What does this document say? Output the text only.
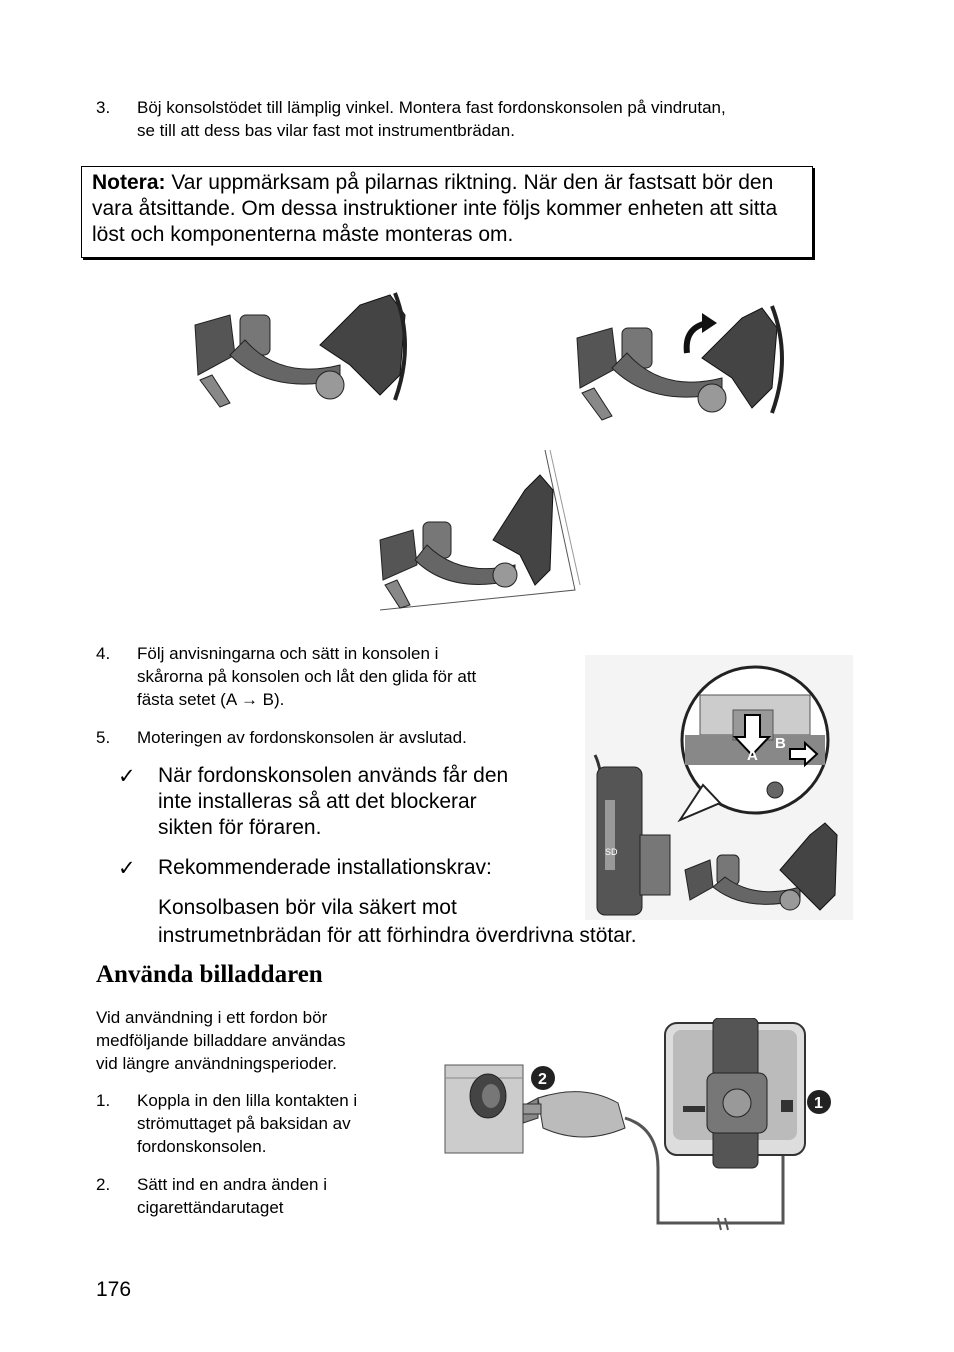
3. Böj konsolstödet till lämplig vinkel. Montera fast fordonskonsolen på vindrutan,
se till att dess bas vilar fast mot instrumentbrädan.
Notera: Var uppmärksam på pilarnas riktning. När den är fastsatt bör den vara åtsittande. Om dessa instruktioner inte följs kommer enheten att sitta löst och komponenterna måste monteras om.
4. Följ anvisningarna och sätt in konsolen i
skårorna på konsolen och låt den glida för att
fästa setet (A → B).
5. Moteringen av fordonskonsolen är avslutad.
✓ När fordonskonsolen används får den
inte installeras så att det blockerar
sikten för föraren.
✓ Rekommenderade installationskrav:
Konsolbasen bör vila säkert mot
instrumetnbrädan för att förhindra överdrivna stötar.
A
B
SD
Använda billaddaren
Vid användning i ett fordon bör
medföljande billaddare användas
vid längre användningsperioder.
1. Koppla in den lilla kontakten i
strömuttaget på baksidan av
fordonskonsolen.
2. Sätt ind en andra änden i
cigarettändarutaget
2
1
176
